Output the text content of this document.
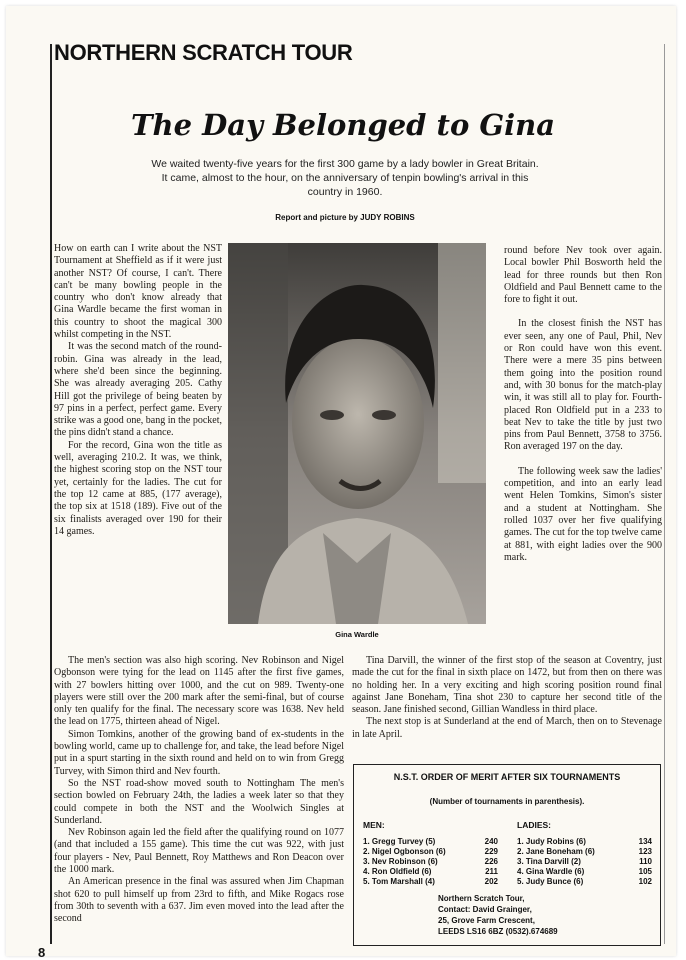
NORTHERN SCRATCH TOUR
The Day Belonged to Gina
We waited twenty-five years for the first 300 game by a lady bowler in Great Britain. It came, almost to the hour, on the anniversary of tenpin bowling's arrival in this country in 1960.
Report and picture by JUDY ROBINS

How on earth can I write about the NST Tournament at Sheffield as if it were just another NST? Of course, I can't. There can't be many bowling people in the country who don't know already that Gina Wardle became the first woman in this country to shoot the magical 300 whilst competing in the NST.

It was the second match of the round-robin. Gina was already in the lead, where she'd been since the beginning. She was already averaging 205. Cathy Hill got the privilege of being beaten by 97 pins in a perfect, perfect game. Every strike was a good one, bang in the pocket, the pins didn't stand a chance.

For the record, Gina won the title as well, averaging 210.2. It was, we think, the highest scoring stop on the NST tour yet, certainly for the ladies. The cut for the top 12 came at 885, (177 average), the top six at 1518 (189). Five out of the six finalists averaged over 190 for their 14 games.

Gina Wardle

round before Nev took over again. Local bowler Phil Bosworth held the lead for three rounds but then Ron Oldfield and Paul Bennett came to the fore to fight it out.

In the closest finish the NST has ever seen, any one of Paul, Phil, Nev or Ron could have won this event. There were a mere 35 pins between them going into the position round and, with 30 bonus for the match-play win, it was still all to play for. Fourth-placed Ron Oldfield put in a 233 to beat Nev to take the title by just two pins from Paul Bennett, 3758 to 3756. Ron averaged 197 on the day.

The following week saw the ladies' competition, and into an early lead went Helen Tomkins, Simon's sister and a student at Nottingham. She rolled 1037 over her five qualifying games. The cut for the top twelve came at 881, with eight ladies over the 900 mark.

The men's section was also high scoring. Nev Robinson and Nigel Ogbonson were tying for the lead on 1145 after the first five games, with 27 bowlers hitting over 1000, and the cut on 989. Twenty-one players were still over the 200 mark after the semi-final, but of course only ten qualify for the final. The necessary score was 1638. Nev held the lead on 1775, thirteen ahead of Nigel.

Simon Tomkins, another of the growing band of ex-students in the bowling world, came up to challenge for, and take, the lead before Nigel put in a spurt starting in the sixth round and held on to win from Gregg Turvey, with Simon third and Nev fourth.

So the NST road-show moved south to Nottingham The men's section bowled on February 24th, the ladies a week later so that they could compete in both the NST and the Woolwich Singles at Sunderland.

Nev Robinson again led the field after the qualifying round on 1077 (and that included a 155 game). This time the cut was 922, with just four players - Nev, Paul Bennett, Roy Matthews and Ron Deacon over the 1000 mark.

An American presence in the final was assured when Jim Chapman shot 620 to pull himself up from 23rd to fifth, and Mike Rogacs rose from 30th to seventh with a 637. Jim even moved into the lead after the second

Tina Darvill, the winner of the first stop of the season at Coventry, just made the cut for the final in sixth place on 1472, but from then on there was no holding her. In a very exciting and high scoring position round final against Jane Boneham, Tina shot 230 to capture her second title of the season. Jane finished second, Gillian Wandless in third place.

The next stop is at Sunderland at the end of March, then on to Stevenage in late April.

N.S.T. ORDER OF MERIT AFTER SIX TOURNAMENTS
(Number of tournaments in parenthesis).
MEN:	LADIES:
1. Gregg Turvey (5)	240
2. Nigel Ogbonson (6)	229
3. Nev Robinson (6)	226
4. Ron Oldfield (6)	211
5. Tom Marshall (4)	202
1. Judy Robins (6)	134
2. Jane Boneham (6)	123
3. Tina Darvill (2)	110
4. Gina Wardle (6)	105
5. Judy Bunce (6)	102
Northern Scratch Tour,
Contact: David Grainger,
25, Grove Farm Crescent,
LEEDS LS16 6BZ (0532).674689
8
